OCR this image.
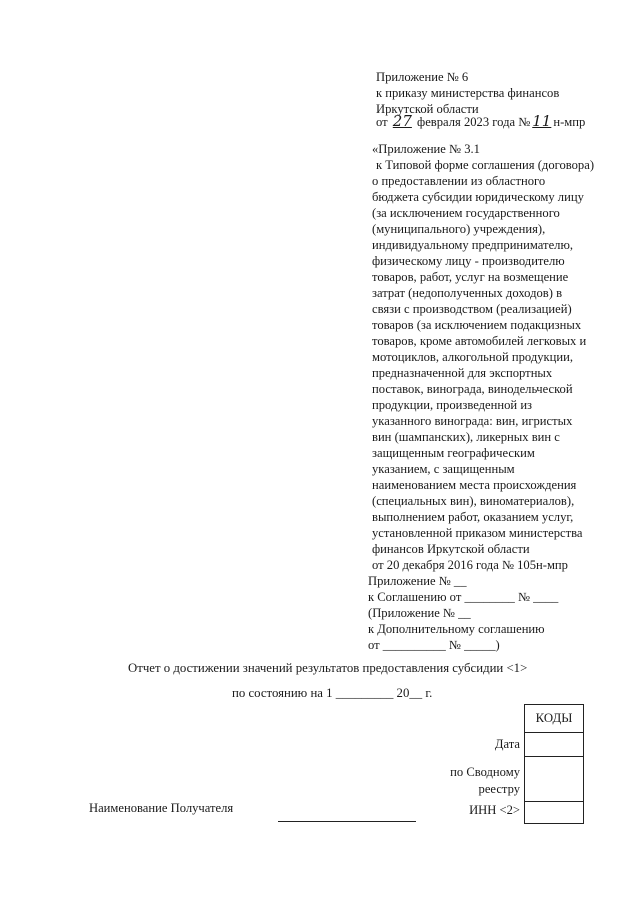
Приложение № 6
к приказу министерства финансов
Иркутской области
от 27 февраля 2023 года № 11 н-мпр
«Приложение № 3.1
к Типовой форме соглашения (договора)
о предоставлении из областного
бюджета субсидии юридическому лицу
(за исключением государственного
(муниципального) учреждения),
индивидуальному предпринимателю,
физическому лицу - производителю
товаров, работ, услуг на возмещение
затрат (недополученных доходов) в
связи с производством (реализацией)
товаров (за исключением подакцизных
товаров, кроме автомобилей легковых и
мотоциклов, алкогольной продукции,
предназначенной для экспортных
поставок, винограда, винодельческой
продукции, произведенной из
указанного винограда: вин, игристых
вин (шампанских), ликерных вин с
защищенным географическим
указанием, с защищенным
наименованием места происхождения
(специальных вин), виноматериалов),
выполнением работ, оказанием услуг,
установленной приказом министерства
финансов Иркутской области
от 20 декабря 2016 года № 105н-мпр
Приложение № __
к Соглашению от ________ № ____
(Приложение № __
к Дополнительному соглашению
от __________ № _____)
Отчет о достижении значений результатов предоставления субсидии <1>
по состоянию на 1 _________ 20__ г.
КОДЫ

Дата
по Сводному
реестру
ИНН <2>
Наименование Получателя
